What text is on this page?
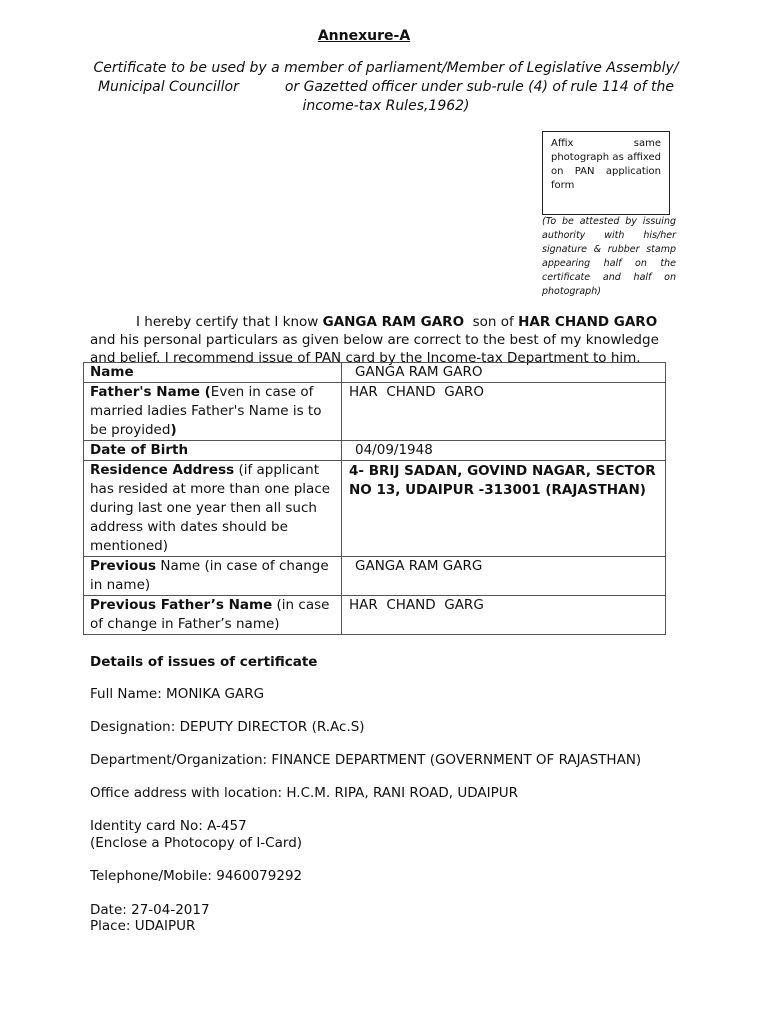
Annexure-A
Certificate to be used by a member of parliament/Member of Legislative Assembly/
Municipal Councillor	or Gazetted officer under sub-rule (4) of rule 114 of the
income-tax Rules,1962)
Affix same photograph as affixed on PAN application form
(To be attested by issuing authority with his/her signature & rubber stamp appearing half on the certificate and half on photograph)
I hereby certify that I know GANGA RAM GARO  son of HAR CHAND GARO and his personal particulars as given below are correct to the best of my knowledge and belief. I recommend issue of PAN card by the Income-tax Department to him.
Name	GANGA RAM GARO
Father's Name (Even in case of married ladies Father's Name is to be proyided)	HAR  CHAND  GARO
Date of Birth	04/09/1948
Residence Address (if applicant has resided at more than one place during last one year then all such address with dates should be mentioned)	4- BRIJ SADAN, GOVIND NAGAR, SECTOR NO 13, UDAIPUR -313001 (RAJASTHAN)

Previous Name (in case of change in name)	GANGA RAM GARG
Previous Father’s Name (in case of change in Father’s name)	HAR  CHAND  GARG
Details of issues of certificate
Full Name: MONIKA GARG
Designation: DEPUTY DIRECTOR (R.Ac.S)
Department/Organization: FINANCE DEPARTMENT (GOVERNMENT OF RAJASTHAN)
Office address with location: H.C.M. RIPA, RANI ROAD, UDAIPUR
Identity card No: A-457
(Enclose a Photocopy of I-Card)
Telephone/Mobile: 9460079292
Date: 27-04-2017
Place: UDAIPUR
